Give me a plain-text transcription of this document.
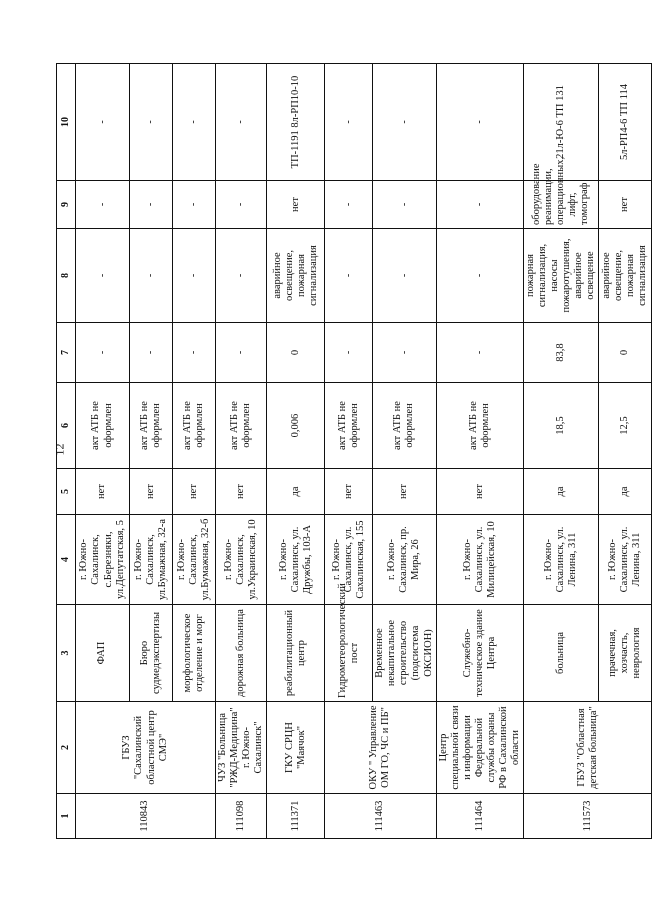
12
1	2	3	4	5	6	7	8	9	10
110843	ГБУЗ "Сахалинский областной центр СМЭ"	ФАП	г. Южно-Сахалинск, с.Березняки, ул.Депутатская, 5	нет	акт АТБ не оформлен	-	-	-	-
		Бюро судмедэкспертизы	г. Южно-Сахалинск, ул.Бумажная, 32-а	нет	акт АТБ не оформлен	-	-	-	-
		морфологическое отделение и морг	г. Южно-Сахалинск, ул.Бумажная, 32-б	нет	акт АТБ не оформлен	-	-	-	-
111098	ЧУЗ "Больница "РЖД-Медицина" г. Южно-Сахалинск"	дорожная больница	г. Южно-Сахалинск, ул.Украинская, 10	нет	акт АТБ не оформлен	-	-	-	-
111371	ГКУ СРЦН "Маячок"	реабилитационный центр	г. Южно-Сахалинск, ул. Дружбы, 103-А	да	0,006	0	аварийное освещение, пожарная сигнализация	нет	ТП-1191 8л-РП10-10
111463	ОКУ " Управление ОМ ГО, ЧС и ПБ"	Гидрометеорологический пост	г. Южно-Сахалинск, ул. Сахалинская, 155	нет	акт АТБ не оформлен	-	-	-	-
		Временное некапитальное строительство (подсистема ОКСИОН)	г. Южно-Сахалинск, пр. Мира, 26	нет	акт АТБ не оформлен	-	-	-	-
111464	Центр специальной связи и информации Федеральной службы охраны РФ в Сахалинской области	Служебно-техническое здание Центра	г. Южно-Сахалинск, ул. Милицейская, 10	нет	акт АТБ не оформлен	-	-	-	-
111573	ГБУЗ "Областная детская больница"	больница	г. Южно-Сахалинск, ул. Ленина, 311	да	18,5	83,8	пожарная сигнализация, насосы пожаротушения, аварийное освещение	оборудование реанимации, операционных, лифт, томограф	21л-Ю-6 ТП 131
		прачечная, хозчасть, неврология	г. Южно-Сахалинск, ул. Ленина, 311	да	12,5	0	аварийное освещение, пожарная сигнализация	нет	5л-РП4-6 ТП 114
